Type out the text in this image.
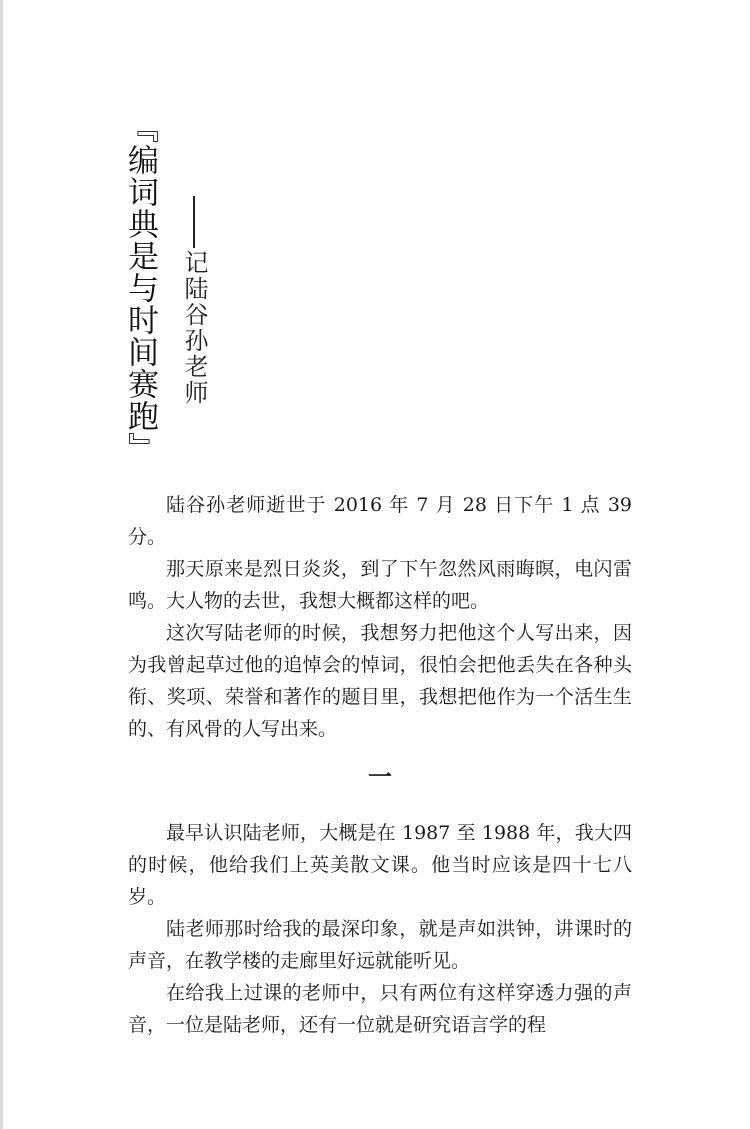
『编词典是与时间赛跑』 记陆谷孙老师

陆谷孙老师逝世于 2016 年 7 月 28 日下午 1 点 39 分。

那天原来是烈日炎炎，到了下午忽然风雨晦暝，电闪雷鸣。大人物的去世，我想大概都这样的吧。

这次写陆老师的时候，我想努力把他这个人写出来，因为我曾起草过他的追悼会的悼词，很怕会把他丢失在各种头衔、奖项、荣誉和著作的题目里，我想把他作为一个活生生的、有风骨的人写出来。

一

最早认识陆老师，大概是在 1987 至 1988 年，我大四的时候，他给我们上英美散文课。他当时应该是四十七八岁。

陆老师那时给我的最深印象，就是声如洪钟，讲课时的声音，在教学楼的走廊里好远就能听见。

在给我上过课的老师中，只有两位有这样穿透力强的声音，一位是陆老师，还有一位就是研究语言学的程
